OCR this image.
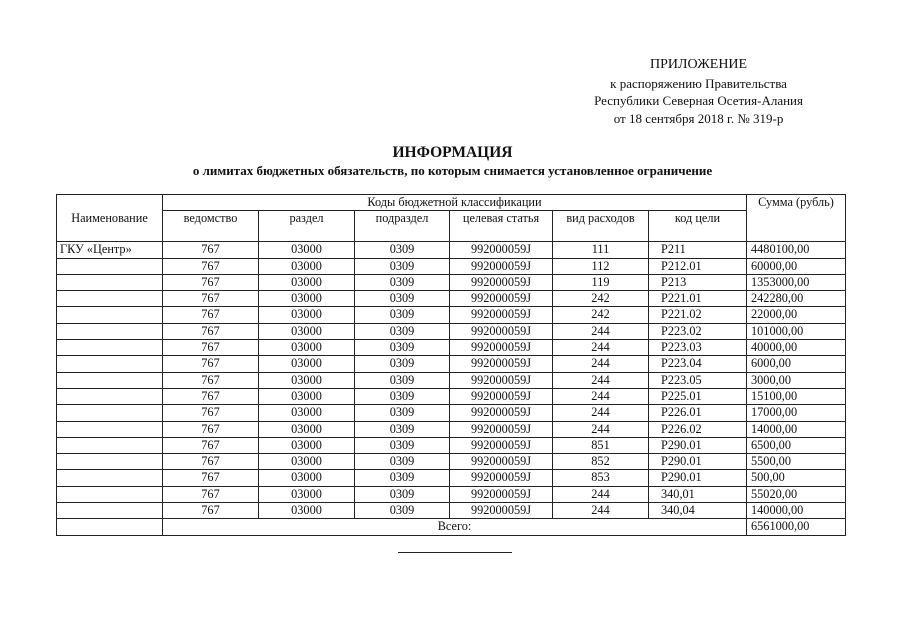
ПРИЛОЖЕНИЕ
к распоряжению Правительства
Республики Северная Осетия-Алания
от 18 сентября 2018 г. № 319-р
ИНФОРМАЦИЯ
о лимитах бюджетных обязательств, по которым снимается установленное ограничение
Наименование	Коды бюджетной классификации						Сумма (рубль)
	ведомство	раздел	подраздел	целевая статья	вид расходов	код цели	
ГКУ «Центр»	767	03000	0309	992000059J	111	Р211	4480100,00
	767	03000	0309	992000059J	112	Р212.01	60000,00
	767	03000	0309	992000059J	119	Р213	1353000,00
	767	03000	0309	992000059J	242	Р221.01	242280,00
	767	03000	0309	992000059J	242	Р221.02	22000,00
	767	03000	0309	992000059J	244	Р223.02	101000,00
	767	03000	0309	992000059J	244	Р223.03	40000,00
	767	03000	0309	992000059J	244	Р223.04	6000,00
	767	03000	0309	992000059J	244	Р223.05	3000,00
	767	03000	0309	992000059J	244	Р225.01	15100,00
	767	03000	0309	992000059J	244	Р226.01	17000,00
	767	03000	0309	992000059J	244	Р226.02	14000,00
	767	03000	0309	992000059J	851	Р290.01	6500,00
	767	03000	0309	992000059J	852	Р290.01	5500,00
	767	03000	0309	992000059J	853	Р290.01	500,00
	767	03000	0309	992000059J	244	340,01	55020,00
	767	03000	0309	992000059J	244	340,04	140000,00
	Всего:						6561000,00
